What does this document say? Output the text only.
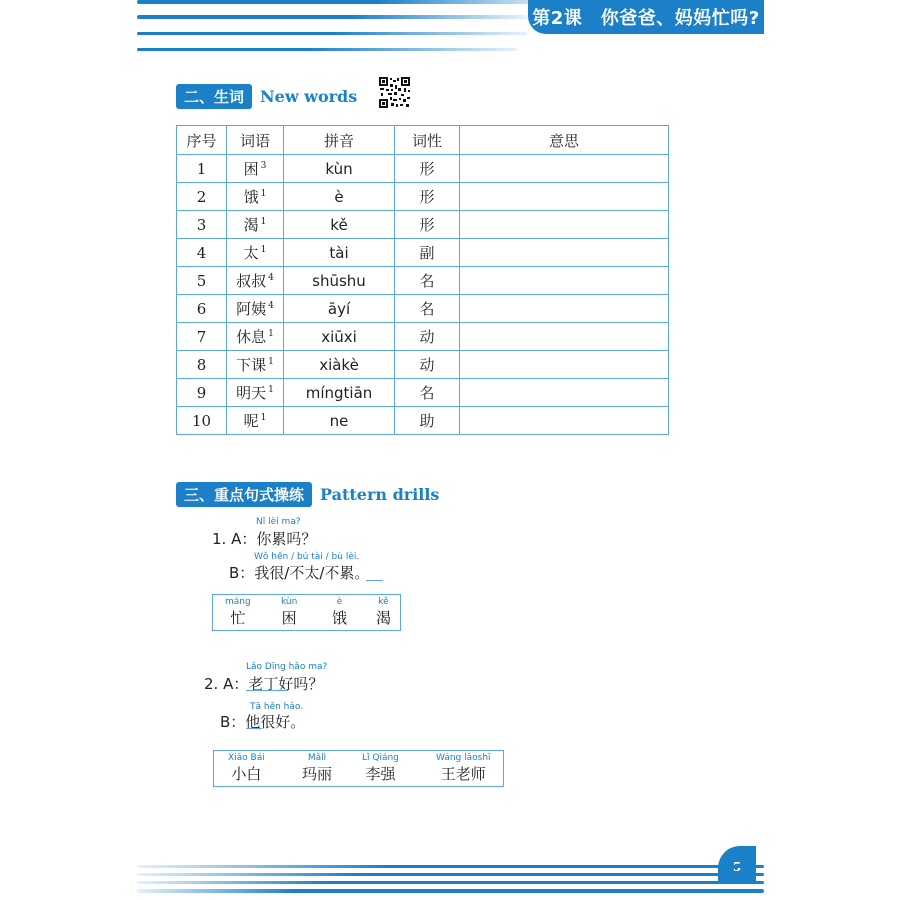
第2课　你爸爸、妈妈忙吗?
二、生词	New words
序号	词语	拼音	词性	意思
1	困 $^3$	kùn	形	
2	饿 $^1$	è	形	
3	渴 $^1$	kě	形	
4	太 $^1$	tài	副	
5	叔叔 $^4$	shūshu	名	
6	阿姨 $^4$	āyí	名	
7	休息 $^1$	xiūxi	动	
8	下课 $^1$	xiàkè	动	
9	明天 $^1$	míngtiān	名	
10	呢 $^1$	ne	助	
三、重点句式操练	Pattern drills
Nǐ lèi ma?
1. A：你累吗？
Wǒ hěn / bú tài / bù lèi.
B：我很/不太/不累。
máng
忙
kùn
困
è
饿
kě
渴
Lǎo Dīng hǎo ma?
2. A：老丁好吗？
Tā hěn hǎo.
B：他很好。
Xiǎo Bái
小白
Mǎlì
玛丽
Lǐ Qiáng
李强
Wáng lǎoshī
王老师
